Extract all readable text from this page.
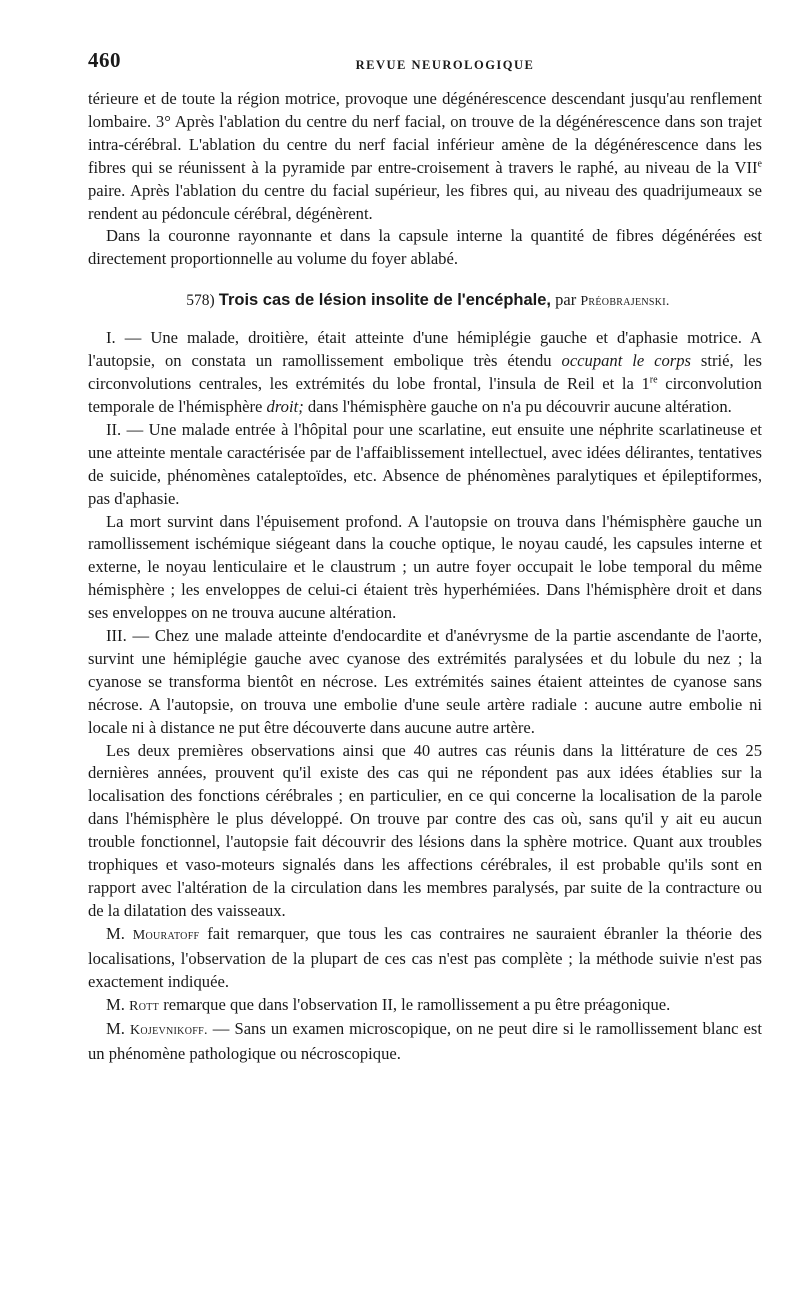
460	REVUE NEUROLOGIQUE

térieure et de toute la région motrice, provoque une dégénérescence descendant jusqu'au renflement lombaire. 3° Après l'ablation du centre du nerf facial, on trouve de la dégénérescence dans son trajet intra-cérébral. L'ablation du centre du nerf facial inférieur amène de la dégénérescence dans les fibres qui se réunissent à la pyramide par entre-croisement à travers le raphé, au niveau de la VIIe paire. Après l'ablation du centre du facial supérieur, les fibres qui, au niveau des quadrijumeaux se rendent au pédoncule cérébral, dégénèrent.

Dans la couronne rayonnante et dans la capsule interne la quantité de fibres dégénérées est directement proportionnelle au volume du foyer ablabé.

578) Trois cas de lésion insolite de l'encéphale, par Préobrajenski.

I. — Une malade, droitière, était atteinte d'une hémiplégie gauche et d'aphasie motrice. A l'autopsie, on constata un ramollissement embolique très étendu occupant le corps strié, les circonvolutions centrales, les extrémités du lobe frontal, l'insula de Reil et la 1re circonvolution temporale de l'hémisphère droit; dans l'hémisphère gauche on n'a pu découvrir aucune altération.

II. — Une malade entrée à l'hôpital pour une scarlatine, eut ensuite une néphrite scarlatineuse et une atteinte mentale caractérisée par de l'affaiblissement intellectuel, avec idées délirantes, tentatives de suicide, phénomènes cataleptoïdes, etc. Absence de phénomènes paralytiques et épileptiformes, pas d'aphasie.

La mort survint dans l'épuisement profond. A l'autopsie on trouva dans l'hémisphère gauche un ramollissement ischémique siégeant dans la couche optique, le noyau caudé, les capsules interne et externe, le noyau lenticulaire et le claustrum ; un autre foyer occupait le lobe temporal du même hémisphère ; les enveloppes de celui-ci étaient très hyperhémiées. Dans l'hémisphère droit et dans ses enveloppes on ne trouva aucune altération.

III. — Chez une malade atteinte d'endocardite et d'anévrysme de la partie ascendante de l'aorte, survint une hémiplégie gauche avec cyanose des extrémités paralysées et du lobule du nez ; la cyanose se transforma bientôt en nécrose. Les extrémités saines étaient atteintes de cyanose sans nécrose. A l'autopsie, on trouva une embolie d'une seule artère radiale : aucune autre embolie ni locale ni à distance ne put être découverte dans aucune autre artère.

Les deux premières observations ainsi que 40 autres cas réunis dans la littérature de ces 25 dernières années, prouvent qu'il existe des cas qui ne répondent pas aux idées établies sur la localisation des fonctions cérébrales ; en particulier, en ce qui concerne la localisation de la parole dans l'hémisphère le plus développé. On trouve par contre des cas où, sans qu'il y ait eu aucun trouble fonctionnel, l'autopsie fait découvrir des lésions dans la sphère motrice. Quant aux troubles trophiques et vaso-moteurs signalés dans les affections cérébrales, il est probable qu'ils sont en rapport avec l'altération de la circulation dans les membres paralysés, par suite de la contracture ou de la dilatation des vaisseaux.

M. Mouratoff fait remarquer, que tous les cas contraires ne sauraient ébranler la théorie des localisations, l'observation de la plupart de ces cas n'est pas complète ; la méthode suivie n'est pas exactement indiquée.

M. Rott remarque que dans l'observation II, le ramollissement a pu être préagonique.

M. Kojevnikoff. — Sans un examen microscopique, on ne peut dire si le ramollissement blanc est un phénomène pathologique ou nécroscopique.
